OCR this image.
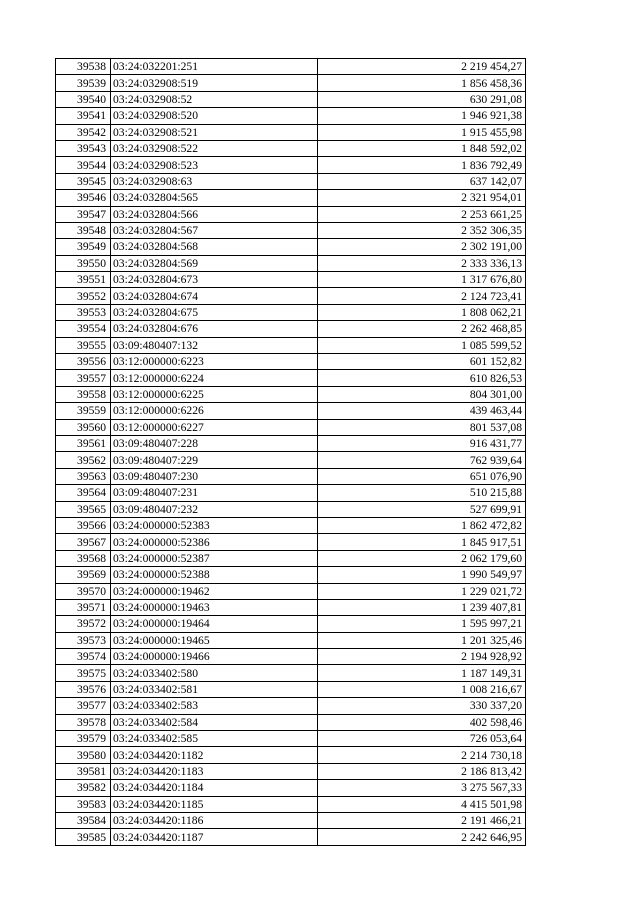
39538	03:24:032201:251	2 219 454,27
39539	03:24:032908:519	1 856 458,36
39540	03:24:032908:52	630 291,08
39541	03:24:032908:520	1 946 921,38
39542	03:24:032908:521	1 915 455,98
39543	03:24:032908:522	1 848 592,02
39544	03:24:032908:523	1 836 792,49
39545	03:24:032908:63	637 142,07
39546	03:24:032804:565	2 321 954,01
39547	03:24:032804:566	2 253 661,25
39548	03:24:032804:567	2 352 306,35
39549	03:24:032804:568	2 302 191,00
39550	03:24:032804:569	2 333 336,13
39551	03:24:032804:673	1 317 676,80
39552	03:24:032804:674	2 124 723,41
39553	03:24:032804:675	1 808 062,21
39554	03:24:032804:676	2 262 468,85
39555	03:09:480407:132	1 085 599,52
39556	03:12:000000:6223	601 152,82
39557	03:12:000000:6224	610 826,53
39558	03:12:000000:6225	804 301,00
39559	03:12:000000:6226	439 463,44
39560	03:12:000000:6227	801 537,08
39561	03:09:480407:228	916 431,77
39562	03:09:480407:229	762 939,64
39563	03:09:480407:230	651 076,90
39564	03:09:480407:231	510 215,88
39565	03:09:480407:232	527 699,91
39566	03:24:000000:52383	1 862 472,82
39567	03:24:000000:52386	1 845 917,51
39568	03:24:000000:52387	2 062 179,60
39569	03:24:000000:52388	1 990 549,97
39570	03:24:000000:19462	1 229 021,72
39571	03:24:000000:19463	1 239 407,81
39572	03:24:000000:19464	1 595 997,21
39573	03:24:000000:19465	1 201 325,46
39574	03:24:000000:19466	2 194 928,92
39575	03:24:033402:580	1 187 149,31
39576	03:24:033402:581	1 008 216,67
39577	03:24:033402:583	330 337,20
39578	03:24:033402:584	402 598,46
39579	03:24:033402:585	726 053,64
39580	03:24:034420:1182	2 214 730,18
39581	03:24:034420:1183	2 186 813,42
39582	03:24:034420:1184	3 275 567,33
39583	03:24:034420:1185	4 415 501,98
39584	03:24:034420:1186	2 191 466,21
39585	03:24:034420:1187	2 242 646,95
